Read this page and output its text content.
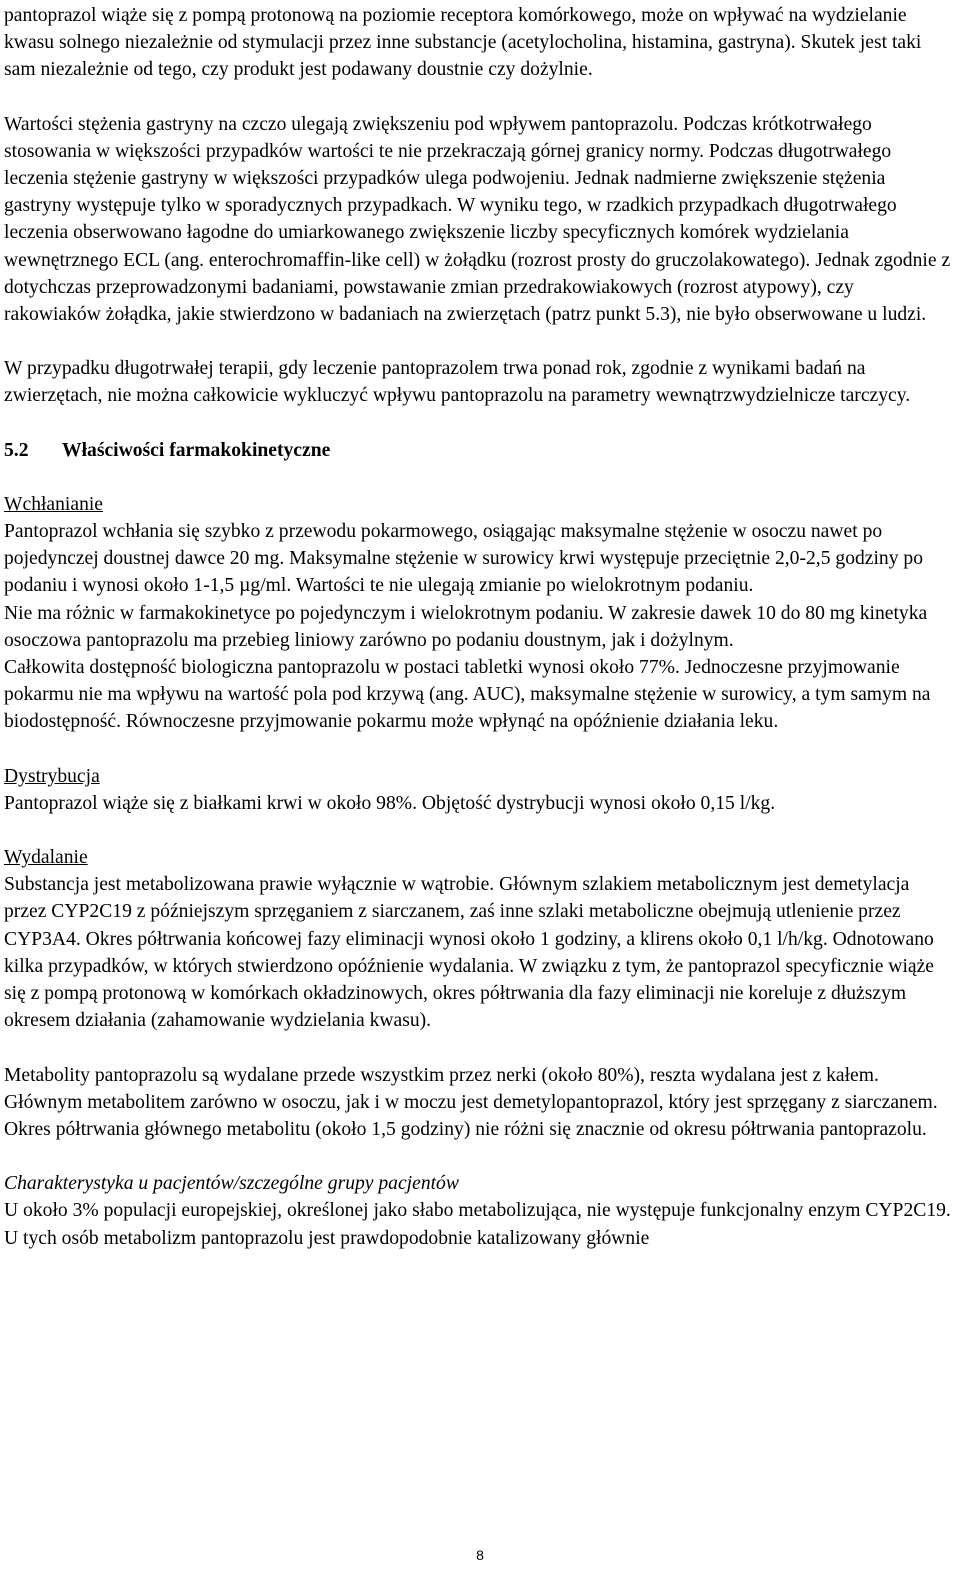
pantoprazol wiąże się z pompą protonową na poziomie receptora komórkowego, może on wpływać na wydzielanie kwasu solnego niezależnie od stymulacji przez inne substancje (acetylocholina, histamina, gastryna). Skutek jest taki sam niezależnie od tego, czy produkt jest podawany doustnie czy dożylnie.

Wartości stężenia gastryny na czczo ulegają zwiększeniu pod wpływem pantoprazolu. Podczas krótkotrwałego stosowania w większości przypadków wartości te nie przekraczają górnej granicy normy. Podczas długotrwałego leczenia stężenie gastryny w większości przypadków ulega podwojeniu. Jednak nadmierne zwiększenie stężenia gastryny występuje tylko w sporadycznych przypadkach. W wyniku tego, w rzadkich przypadkach długotrwałego leczenia obserwowano łagodne do umiarkowanego zwiększenie liczby specyficznych komórek wydzielania wewnętrznego ECL (ang. enterochromaffin-like cell) w żołądku (rozrost prosty do gruczolakowatego). Jednak zgodnie z dotychczas przeprowadzonymi badaniami, powstawanie zmian przedrakowiakowych (rozrost atypowy), czy rakowiaków żołądka, jakie stwierdzono w badaniach na zwierzętach (patrz punkt 5.3), nie było obserwowane u ludzi.

W przypadku długotrwałej terapii, gdy leczenie pantoprazolem trwa ponad rok, zgodnie z wynikami badań na zwierzętach, nie można całkowicie wykluczyć wpływu pantoprazolu na parametry wewnątrzwydzielnicze tarczycy.

5.2	Właściwości farmakokinetyczne

Wchłanianie

Pantoprazol wchłania się szybko z przewodu pokarmowego, osiągając maksymalne stężenie w osoczu nawet po pojedynczej doustnej dawce 20 mg. Maksymalne stężenie w surowicy krwi występuje przeciętnie 2,0-2,5 godziny po podaniu i wynosi około 1-1,5 µg/ml. Wartości te nie ulegają zmianie po wielokrotnym podaniu.

Nie ma różnic w farmakokinetyce po pojedynczym i wielokrotnym podaniu. W zakresie dawek 10 do 80 mg kinetyka osoczowa pantoprazolu ma przebieg liniowy zarówno po podaniu doustnym, jak i dożylnym.

Całkowita dostępność biologiczna pantoprazolu w postaci tabletki wynosi około 77%. Jednoczesne przyjmowanie pokarmu nie ma wpływu na wartość pola pod krzywą (ang. AUC), maksymalne stężenie w surowicy, a tym samym na biodostępność. Równoczesne przyjmowanie pokarmu może wpłynąć na opóźnienie działania leku.

Dystrybucja

Pantoprazol wiąże się z białkami krwi w około 98%. Objętość dystrybucji wynosi około 0,15 l/kg.

Wydalanie

Substancja jest metabolizowana prawie wyłącznie w wątrobie. Głównym szlakiem metabolicznym jest demetylacja przez CYP2C19 z późniejszym sprzęganiem z siarczanem, zaś inne szlaki metaboliczne obejmują utlenienie przez CYP3A4. Okres półtrwania końcowej fazy eliminacji wynosi około 1 godziny, a klirens około 0,1 l/h/kg. Odnotowano kilka przypadków, w których stwierdzono opóźnienie wydalania. W związku z tym, że pantoprazol specyficznie wiąże się z pompą protonową w komórkach okładzinowych, okres półtrwania dla fazy eliminacji nie koreluje z dłuższym okresem działania (zahamowanie wydzielania kwasu).

Metabolity pantoprazolu są wydalane przede wszystkim przez nerki (około 80%), reszta wydalana jest z kałem. Głównym metabolitem zarówno w osoczu, jak i w moczu jest demetylopantoprazol, który jest sprzęgany z siarczanem. Okres półtrwania głównego metabolitu (około 1,5 godziny) nie różni się znacznie od okresu półtrwania pantoprazolu.

Charakterystyka u pacjentów/szczególne grupy pacjentów

U około 3% populacji europejskiej, określonej jako słabo metabolizująca, nie występuje funkcjonalny enzym CYP2C19. U tych osób metabolizm pantoprazolu jest prawdopodobnie katalizowany głównie

8
